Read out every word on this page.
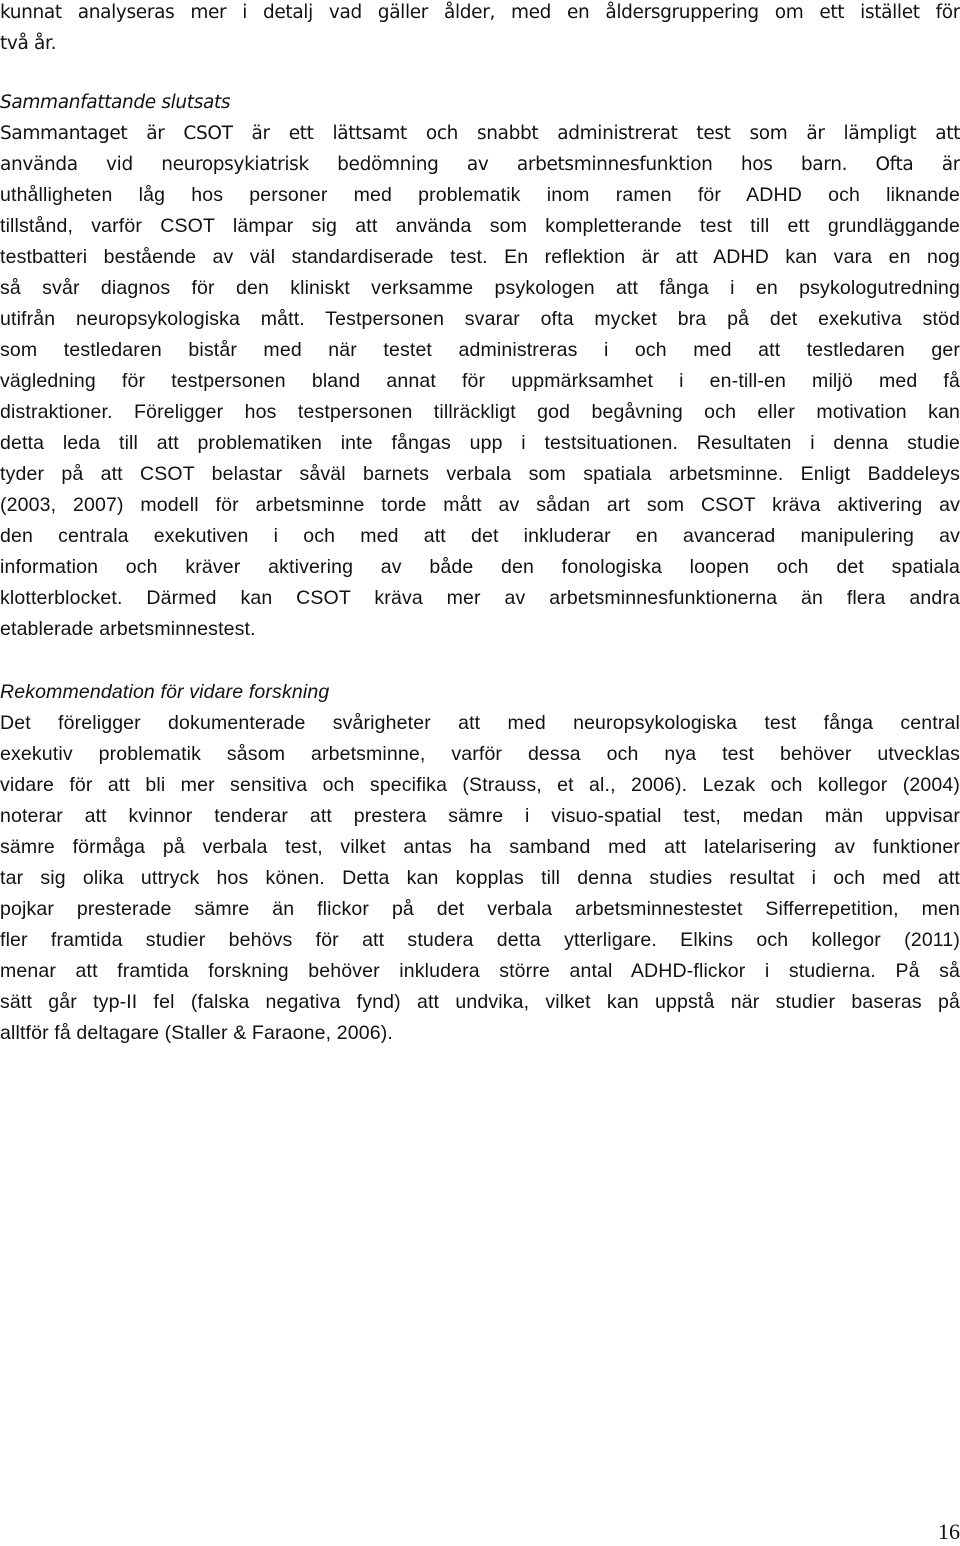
kunnat analyseras mer i detalj vad gäller ålder, med en åldersgruppering om ett istället för
två år.
Sammanfattande slutsats
Sammantaget är CSOT är ett lättsamt och snabbt administrerat test som är lämpligt att
använda vid neuropsykiatrisk bedömning av arbetsminnesfunktion hos barn. Ofta är
uthålligheten låg hos personer med problematik inom ramen för ADHD och liknande
tillstånd, varför CSOT lämpar sig att använda som kompletterande test till ett grundläggande
testbatteri bestående av väl standardiserade test. En reflektion är att ADHD kan vara en nog
så svår diagnos för den kliniskt verksamme psykologen att fånga i en psykologutredning
utifrån neuropsykologiska mått. Testpersonen svarar ofta mycket bra på det exekutiva stöd
som testledaren bistår med när testet administreras i och med att testledaren ger
vägledning för testpersonen bland annat för uppmärksamhet i en-till-en miljö med få
distraktioner. Föreligger hos testpersonen tillräckligt god begåvning och eller motivation kan
detta leda till att problematiken inte fångas upp i testsituationen. Resultaten i denna studie
tyder på att CSOT belastar såväl barnets verbala som spatiala arbetsminne. Enligt Baddeleys
(2003, 2007) modell för arbetsminne torde mått av sådan art som CSOT kräva aktivering av
den centrala exekutiven i och med att det inkluderar en avancerad manipulering av
information och kräver aktivering av både den fonologiska loopen och det spatiala
klotterblocket. Därmed kan CSOT kräva mer av arbetsminnesfunktionerna än flera andra
etablerade arbetsminnestest.
Rekommendation för vidare forskning
Det föreligger dokumenterade svårigheter att med neuropsykologiska test fånga central
exekutiv problematik såsom arbetsminne, varför dessa och nya test behöver utvecklas
vidare för att bli mer sensitiva och specifika (Strauss, et al., 2006). Lezak och kollegor (2004)
noterar att kvinnor tenderar att prestera sämre i visuo-spatial test, medan män uppvisar
sämre förmåga på verbala test, vilket antas ha samband med att latelarisering av funktioner
tar sig olika uttryck hos könen. Detta kan kopplas till denna studies resultat i och med att
pojkar presterade sämre än flickor på det verbala arbetsminnestestet Sifferrepetition, men
fler framtida studier behövs för att studera detta ytterligare. Elkins och kollegor (2011)
menar att framtida forskning behöver inkludera större antal ADHD-flickor i studierna. På så
sätt går typ-II fel (falska negativa fynd) att undvika, vilket kan uppstå när studier baseras på
alltför få deltagare (Staller & Faraone, 2006).
16
